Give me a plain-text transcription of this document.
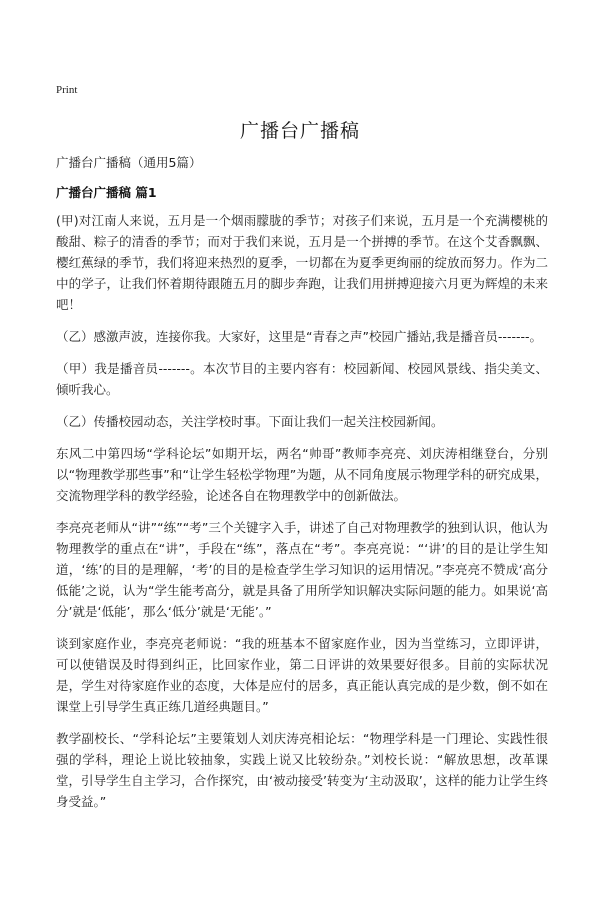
Print
广播台广播稿
广播台广播稿（通用5篇）
广播台广播稿 篇1

(甲)对江南人来说，五月是一个烟雨朦胧的季节；对孩子们来说，五月是一个充满樱桃的酸甜、粽子的清香的季节；而对于我们来说，五月是一个拼搏的季节。在这个艾香飘飘、樱红蕉绿的季节，我们将迎来热烈的夏季，一切都在为夏季更绚丽的绽放而努力。作为二中的学子，让我们怀着期待跟随五月的脚步奔跑，让我们用拼搏迎接六月更为辉煌的未来吧！

（乙）感激声波，连接你我。大家好，这里是“青春之声”校园广播站,我是播音员-------。

（甲）我是播音员-------。本次节目的主要内容有：校园新闻、校园风景线、指尖美文、倾听我心。

（乙）传播校园动态，关注学校时事。下面让我们一起关注校园新闻。

东风二中第四场“学科论坛”如期开坛，两名“帅哥”教师李亮亮、刘庆涛相继登台，分别以“物理教学那些事”和“让学生轻松学物理”为题，从不同角度展示物理学科的研究成果，交流物理学科的教学经验，论述各自在物理教学中的创新做法。

李亮亮老师从“讲”“练”“考”三个关键字入手，讲述了自己对物理教学的独到认识，他认为物理教学的重点在“讲”，手段在“练”，落点在“考”。李亮亮说：“‘讲’的目的是让学生知道，‘练’的目的是理解，‘考’的目的是检查学生学习知识的运用情况。”李亮亮不赞成‘高分低能’之说，认为“学生能考高分，就是具备了用所学知识解决实际问题的能力。如果说‘高分’就是‘低能’，那么‘低分’就是‘无能’。”

谈到家庭作业，李亮亮老师说：“我的班基本不留家庭作业，因为当堂练习，立即评讲，可以使错误及时得到纠正，比回家作业，第二日评讲的效果要好很多。目前的实际状况是，学生对待家庭作业的态度，大体是应付的居多，真正能认真完成的是少数，倒不如在课堂上引导学生真正练几道经典题目。”

教学副校长、“学科论坛”主要策划人刘庆涛亮相论坛：“物理学科是一门理论、实践性很强的学科，理论上说比较抽象，实践上说又比较纷杂。”刘校长说：“解放思想，改革课堂，引导学生自主学习，合作探究，由‘被动接受’转变为‘主动汲取’，这样的能力让学生终身受益。”
